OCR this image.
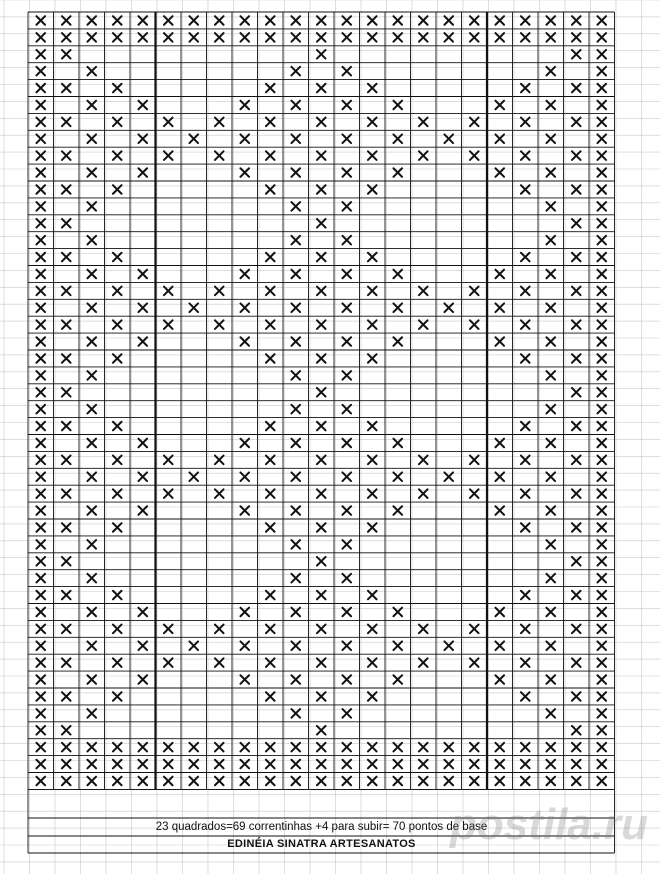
23 quadrados=69 correntinhas +4 para subir= 70 pontos de base
EDINÉIA SINATRA ARTESANATOS postila.ru
